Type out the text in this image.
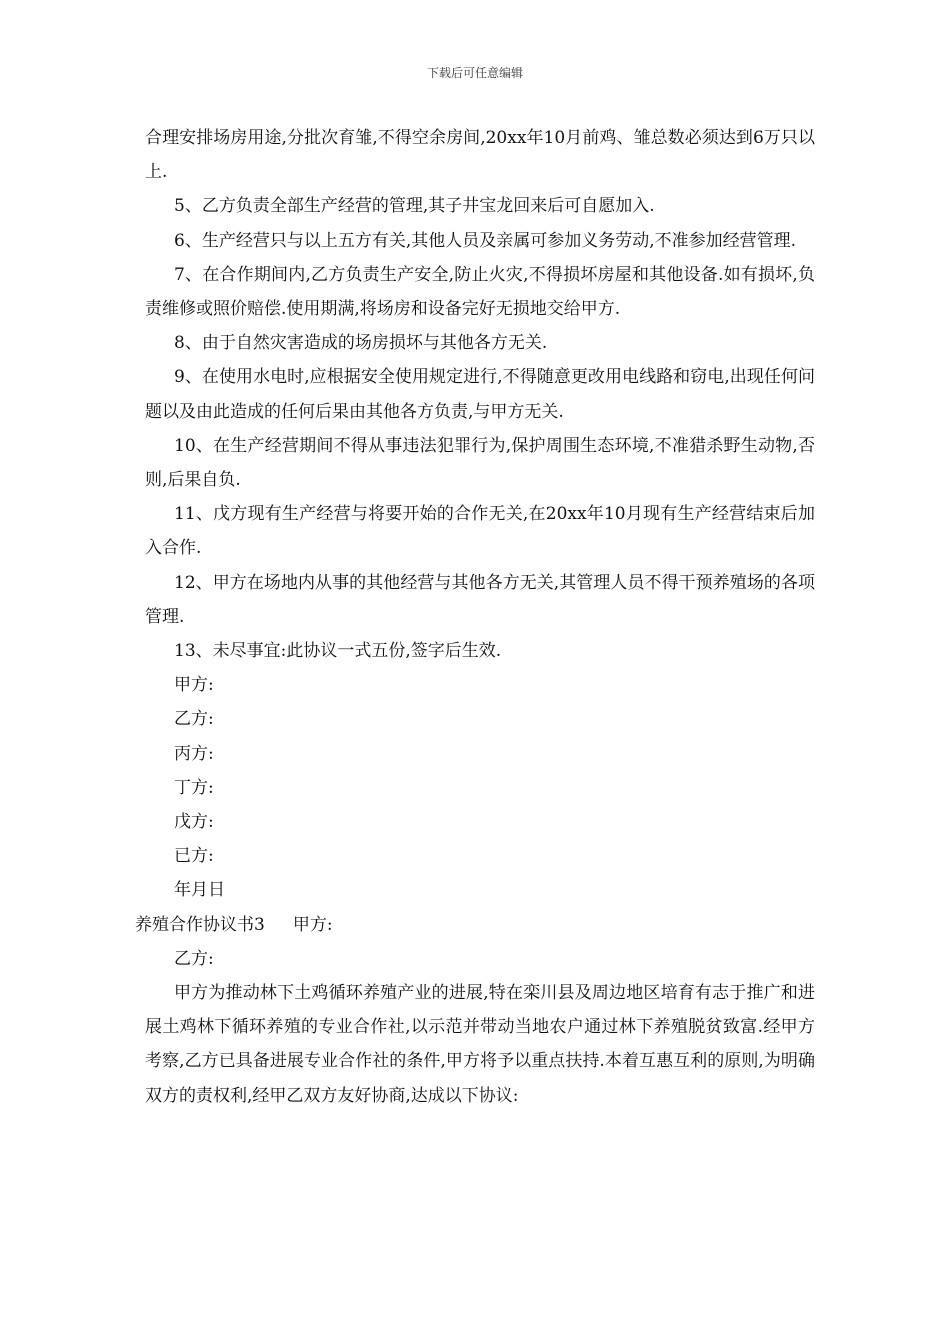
下载后可任意编辑

合理安排场房用途,分批次育雏,不得空余房间,20xx年10月前鸡、雏总数必须达到6万只以上.

5、乙方负责全部生产经营的管理,其子井宝龙回来后可自愿加入.

6、生产经营只与以上五方有关,其他人员及亲属可参加义务劳动,不准参加经营管理.

7、在合作期间内,乙方负责生产安全,防止火灾,不得损坏房屋和其他设备.如有损坏,负责维修或照价赔偿.使用期满,将场房和设备完好无损地交给甲方.

8、由于自然灾害造成的场房损坏与其他各方无关.

9、在使用水电时,应根据安全使用规定进行,不得随意更改用电线路和窃电,出现任何问题以及由此造成的任何后果由其他各方负责,与甲方无关.

10、在生产经营期间不得从事违法犯罪行为,保护周围生态环境,不准猎杀野生动物,否则,后果自负.

11、戊方现有生产经营与将要开始的合作无关,在20xx年10月现有生产经营结束后加入合作.

12、甲方在场地内从事的其他经营与其他各方无关,其管理人员不得干预养殖场的各项管理.

13、未尽事宜:此协议一式五份,签字后生效.

甲方:
乙方:
丙方:
丁方:
戊方:
已方:
年月日
养殖合作协议书3 甲方:
乙方:

甲方为推动林下土鸡循环养殖产业的进展,特在栾川县及周边地区培育有志于推广和进展土鸡林下循环养殖的专业合作社,以示范并带动当地农户通过林下养殖脱贫致富.经甲方考察,乙方已具备进展专业合作社的条件,甲方将予以重点扶持.本着互惠互利的原则,为明确双方的责权利,经甲乙双方友好协商,达成以下协议:
